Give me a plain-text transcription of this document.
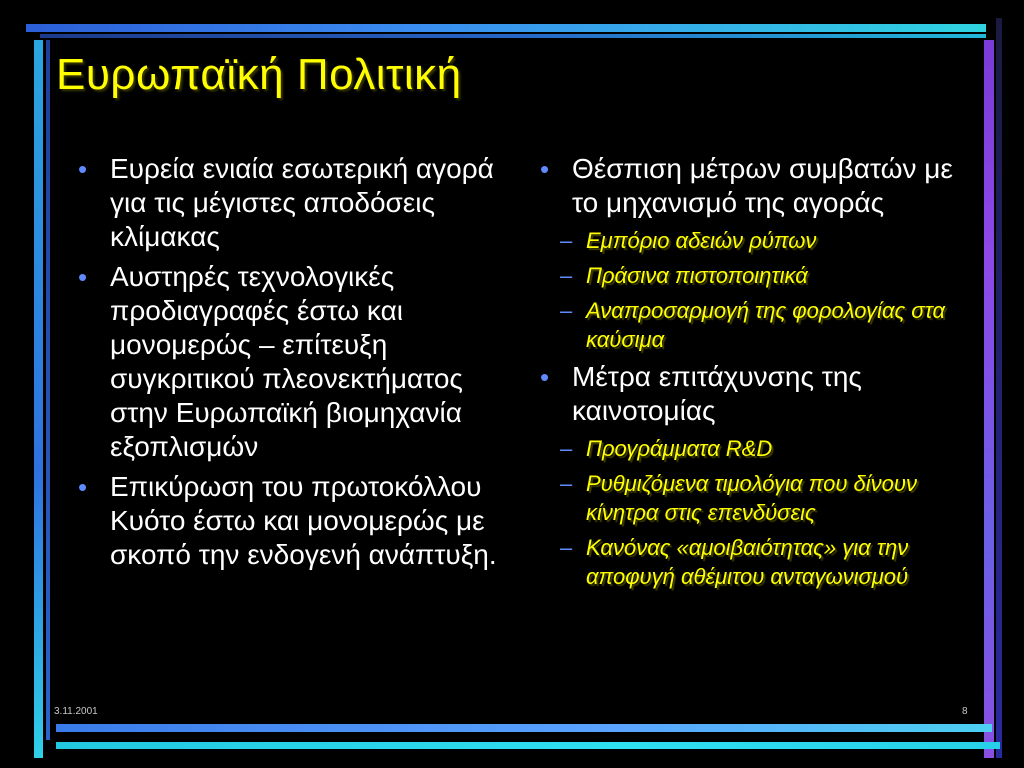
Ευρωπαϊκή Πολιτική
• Ευρεία ενιαία εσωτερική αγορά για τις μέγιστες αποδόσεις κλίμακας
• Αυστηρές τεχνολογικές προδιαγραφές έστω και μονομερώς – επίτευξη συγκριτικού πλεονεκτήματος στην Ευρωπαϊκή βιομηχανία εξοπλισμών
• Επικύρωση του πρωτοκόλλου Κυότο έστω και μονομερώς με σκοπό την ενδογενή ανάπτυξη.
• Θέσπιση μέτρων συμβατών με το μηχανισμό της αγοράς
– Εμπόριο αδειών ρύπων
– Πράσινα πιστοποιητικά
– Αναπροσαρμογή της φορολογίας στα καύσιμα
• Μέτρα επιτάχυνσης της καινοτομίας
– Προγράμματα R&D
– Ρυθμιζόμενα τιμολόγια που δίνουν κίνητρα στις επενδύσεις
– Κανόνας «αμοιβαιότητας» για την αποφυγή αθέμιτου ανταγωνισμού
3.11.2001	8
